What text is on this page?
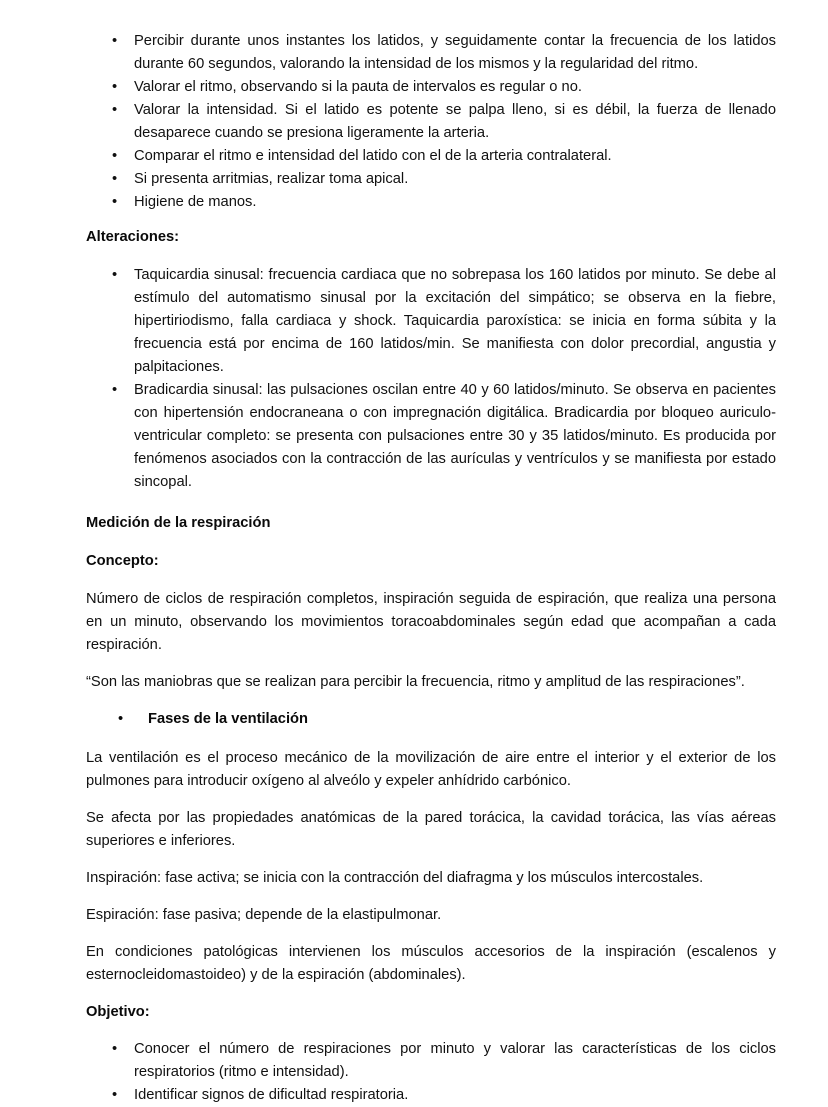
• Percibir durante unos instantes los latidos, y seguidamente contar la frecuencia de los latidos durante 60 segundos, valorando la intensidad de los mismos y la regularidad del ritmo.
• Valorar el ritmo, observando si la pauta de intervalos es regular o no.
• Valorar la intensidad. Si el latido es potente se palpa lleno, si es débil, la fuerza de llenado desaparece cuando se presiona ligeramente la arteria.
• Comparar el ritmo e intensidad del latido con el de la arteria contralateral.
• Si presenta arritmias, realizar toma apical.
• Higiene de manos.
Alteraciones:
• Taquicardia sinusal: frecuencia cardiaca que no sobrepasa los 160 latidos por minuto. Se debe al estímulo del automatismo sinusal por la excitación del simpático; se observa en la fiebre, hipertiriodismo, falla cardiaca y shock. Taquicardia paroxística: se inicia en forma súbita y la frecuencia está por encima de 160 latidos/min. Se manifiesta con dolor precordial, angustia y palpitaciones.
• Bradicardia sinusal: las pulsaciones oscilan entre 40 y 60 latidos/minuto. Se observa en pacientes con hipertensión endocraneana o con impregnación digitálica. Bradicardia por bloqueo auriculo-ventricular completo: se presenta con pulsaciones entre 30 y 35 latidos/minuto. Es producida por fenómenos asociados con la contracción de las aurículas y ventrículos y se manifiesta por estado sincopal.
Medición de la respiración
Concepto:

Número de ciclos de respiración completos, inspiración seguida de espiración, que realiza una persona en un minuto, observando los movimientos toracoabdominales según edad que acompañan a cada respiración.

“Son las maniobras que se realizan para percibir la frecuencia, ritmo y amplitud de las respiraciones”.

• Fases de la ventilación

La ventilación es el proceso mecánico de la movilización de aire entre el interior y el exterior de los pulmones para introducir oxígeno al alveólo y expeler anhídrido carbónico.

Se afecta por las propiedades anatómicas de la pared torácica, la cavidad torácica, las vías aéreas superiores e inferiores.

Inspiración: fase activa; se inicia con la contracción del diafragma y los músculos intercostales.

Espiración: fase pasiva; depende de la elastipulmonar.

En condiciones patológicas intervienen los músculos accesorios de la inspiración (escalenos y esternocleidomastoideo) y de la espiración (abdominales).

Objetivo:
• Conocer el número de respiraciones por minuto y valorar las características de los ciclos respiratorios (ritmo e intensidad).
• Identificar signos de dificultad respiratoria.
